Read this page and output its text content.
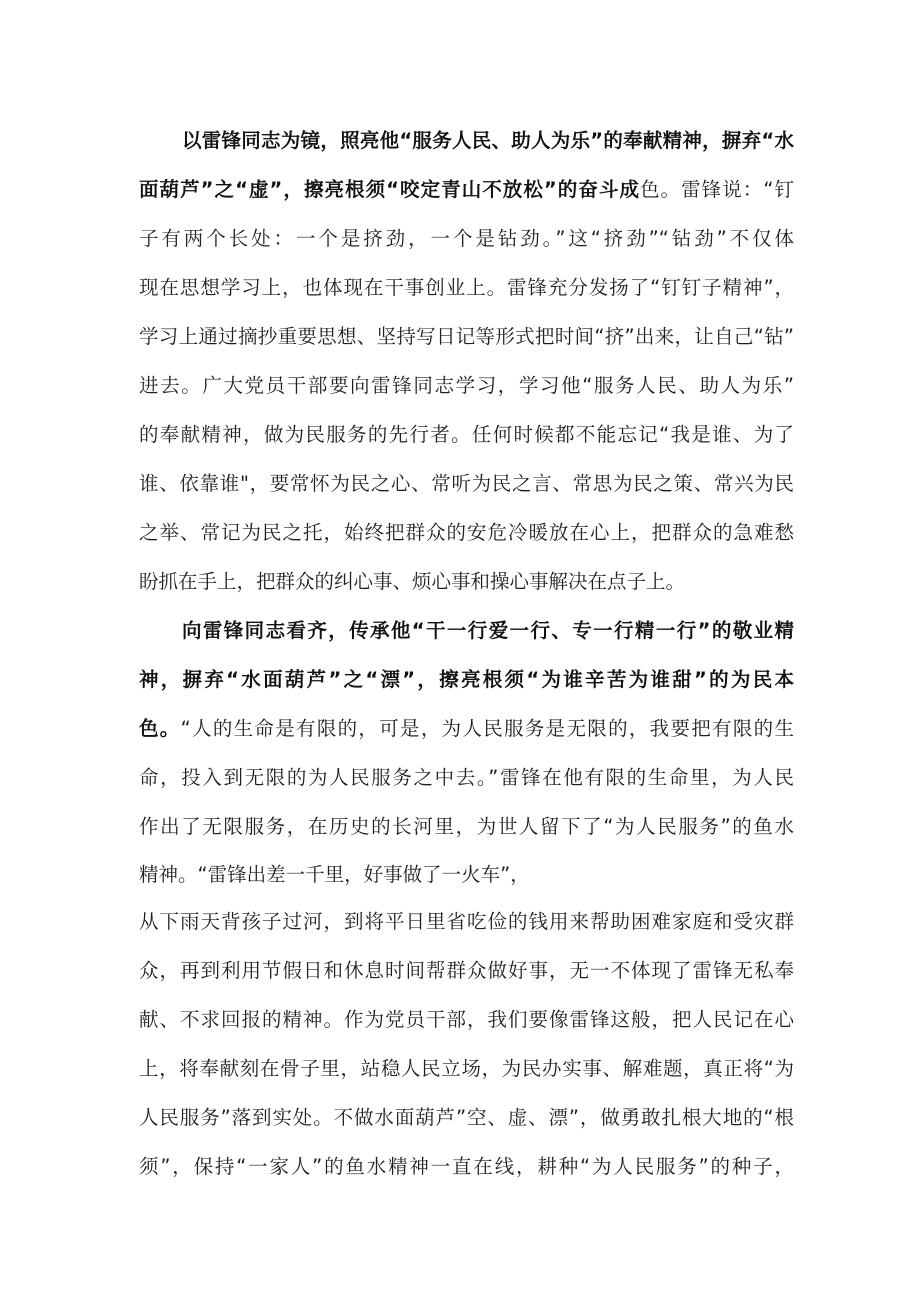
以雷锋同志为镜，照亮他“服务人民、助人为乐”的奉献精神，摒弃“水
面葫芦”之“虚”，擦亮根须“咬定青山不放松”的奋斗成色。雷锋说：“钉
子有两个长处：一个是挤劲，一个是钻劲。”这“挤劲”“钻劲”不仅体
现在思想学习上，也体现在干事创业上。雷锋充分发扬了“钉钉子精神”，
学习上通过摘抄重要思想、坚持写日记等形式把时间“挤”出来，让自己“钻”
进去。广大党员干部要向雷锋同志学习，学习他“服务人民、助人为乐”
的奉献精神，做为民服务的先行者。任何时候都不能忘记“我是谁、为了
谁、依靠谁"，要常怀为民之心、常听为民之言、常思为民之策、常兴为民
之举、常记为民之托，始终把群众的安危冷暖放在心上，把群众的急难愁
盼抓在手上，把群众的纠心事、烦心事和操心事解决在点子上。
向雷锋同志看齐，传承他“干一行爱一行、专一行精一行”的敬业精
神，摒弃“水面葫芦”之“漂”，擦亮根须“为谁辛苦为谁甜”的为民本
色。“人的生命是有限的，可是，为人民服务是无限的，我要把有限的生
命，投入到无限的为人民服务之中去。”雷锋在他有限的生命里，为人民
作出了无限服务，在历史的长河里，为世人留下了“为人民服务”的鱼水
精神。“雷锋出差一千里，好事做了一火车”，
从下雨天背孩子过河，到将平日里省吃俭的钱用来帮助困难家庭和受灾群
众，再到利用节假日和休息时间帮群众做好事，无一不体现了雷锋无私奉
献、不求回报的精神。作为党员干部，我们要像雷锋这般，把人民记在心
上，将奉献刻在骨子里，站稳人民立场，为民办实事、解难题，真正将“为
人民服务”落到实处。不做水面葫芦”空、虚、漂”，做勇敢扎根大地的“根
须”，保持“一家人”的鱼水精神一直在线，耕种“为人民服务”的种子，
